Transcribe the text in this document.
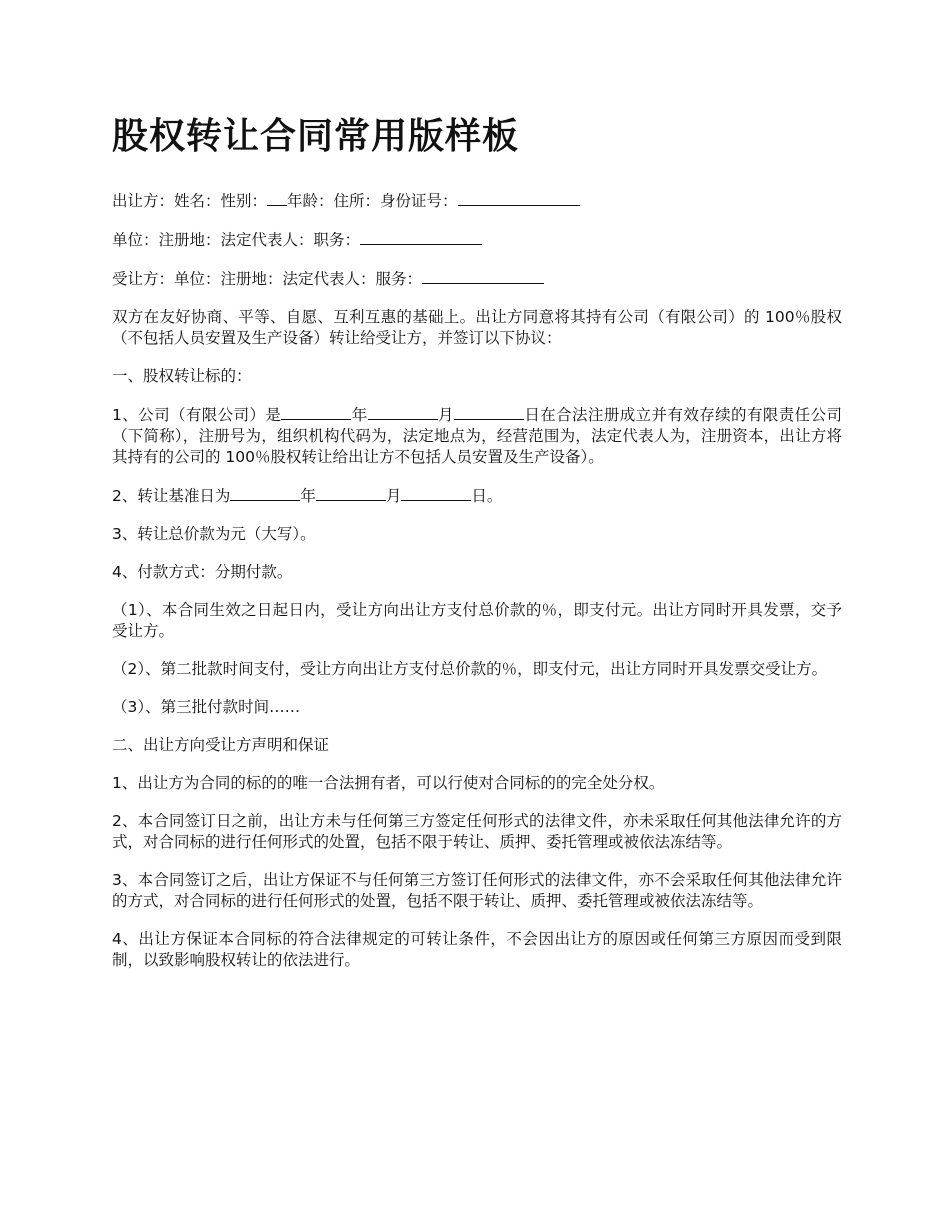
股权转让合同常用版样板

出让方：姓名：性别： 年龄：住所：身份证号：

单位：注册地：法定代表人：职务：

受让方：单位：注册地：法定代表人：服务：

双方在友好协商、平等、自愿、互利互惠的基础上。出让方同意将其持有公司（有限公司）的 100％股权（不包括人员安置及生产设备）转让给受让方，并签订以下协议：

一、股权转让标的：

1、公司（有限公司）是	年	月	日在合法注册成立并有效存续的有限责任公司（下简称），注册号为，组织机构代码为，法定地点为，经营范围为，法定代表人为，注册资本，出让方将其持有的公司的 100％股权转让给出让方不包括人员安置及生产设备）。

2、转让基准日为	年	月	日。

3、转让总价款为元（大写）。

4、付款方式：分期付款。

（1）、本合同生效之日起日内，受让方向出让方支付总价款的％，即支付元。出让方同时开具发票，交予受让方。

（2）、第二批款时间支付，受让方向出让方支付总价款的％，即支付元，出让方同时开具发票交受让方。

（3）、第三批付款时间……

二、出让方向受让方声明和保证

1、出让方为合同的标的的唯一合法拥有者，可以行使对合同标的的完全处分权。

2、本合同签订日之前，出让方未与任何第三方签定任何形式的法律文件，亦未采取任何其他法律允许的方式，对合同标的进行任何形式的处置，包括不限于转让、质押、委托管理或被依法冻结等。

3、本合同签订之后，出让方保证不与任何第三方签订任何形式的法律文件，亦不会采取任何其他法律允许的方式，对合同标的进行任何形式的处置，包括不限于转让、质押、委托管理或被依法冻结等。

4、出让方保证本合同标的符合法律规定的可转让条件，不会因出让方的原因或任何第三方原因而受到限制，以致影响股权转让的依法进行。
